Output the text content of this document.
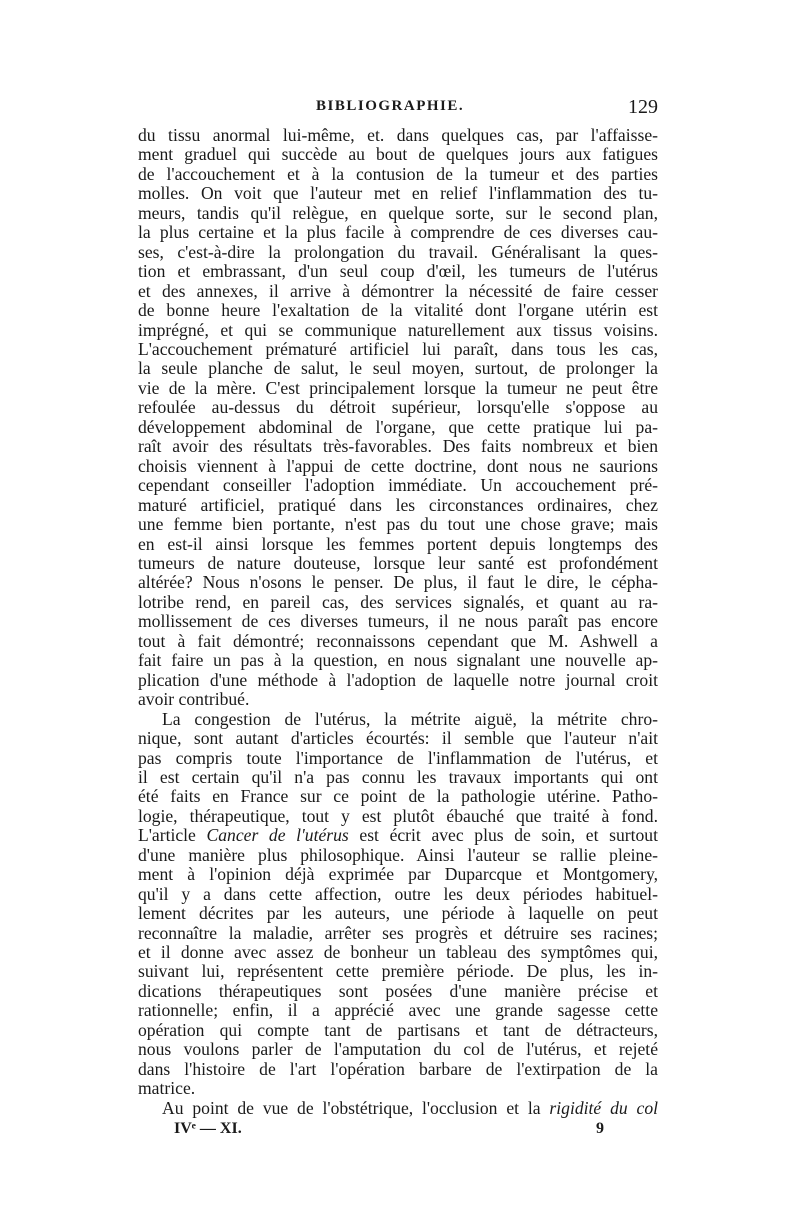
BIBLIOGRAPHIE.	129

du tissu anormal lui-même, et. dans quelques cas, par l'affaisse-

ment graduel qui succède au bout de quelques jours aux fatigues

de l'accouchement et à la contusion de la tumeur et des parties

molles. On voit que l'auteur met en relief l'inflammation des tu-

meurs, tandis qu'il relègue, en quelque sorte, sur le second plan,

la plus certaine et la plus facile à comprendre de ces diverses cau-

ses, c'est-à-dire la prolongation du travail. Généralisant la ques-

tion et embrassant, d'un seul coup d'œil, les tumeurs de l'utérus

et des annexes, il arrive à démontrer la nécessité de faire cesser

de bonne heure l'exaltation de la vitalité dont l'organe utérin est

imprégné, et qui se communique naturellement aux tissus voisins.

L'accouchement prématuré artificiel lui paraît, dans tous les cas,

la seule planche de salut, le seul moyen, surtout, de prolonger la

vie de la mère. C'est principalement lorsque la tumeur ne peut être

refoulée au-dessus du détroit supérieur, lorsqu'elle s'oppose au

développement abdominal de l'organe, que cette pratique lui pa-

raît avoir des résultats très-favorables. Des faits nombreux et bien

choisis viennent à l'appui de cette doctrine, dont nous ne saurions

cependant conseiller l'adoption immédiate. Un accouchement pré-

maturé artificiel, pratiqué dans les circonstances ordinaires, chez

une femme bien portante, n'est pas du tout une chose grave; mais

en est-il ainsi lorsque les femmes portent depuis longtemps des

tumeurs de nature douteuse, lorsque leur santé est profondément

altérée? Nous n'osons le penser. De plus, il faut le dire, le cépha-

lotribe rend, en pareil cas, des services signalés, et quant au ra-

mollissement de ces diverses tumeurs, il ne nous paraît pas encore

tout à fait démontré; reconnaissons cependant que M. Ashwell a

fait faire un pas à la question, en nous signalant une nouvelle ap-

plication d'une méthode à l'adoption de laquelle notre journal croit

avoir contribué.

La congestion de l'utérus, la métrite aiguë, la métrite chro-

nique, sont autant d'articles écourtés: il semble que l'auteur n'ait

pas compris toute l'importance de l'inflammation de l'utérus, et

il est certain qu'il n'a pas connu les travaux importants qui ont

été faits en France sur ce point de la pathologie utérine. Patho-

logie, thérapeutique, tout y est plutôt ébauché que traité à fond.

L'article Cancer de l'utérus est écrit avec plus de soin, et surtout

d'une manière plus philosophique. Ainsi l'auteur se rallie pleine-

ment à l'opinion déjà exprimée par Duparcque et Montgomery,

qu'il y a dans cette affection, outre les deux périodes habituel-

lement décrites par les auteurs, une période à laquelle on peut

reconnaître la maladie, arrêter ses progrès et détruire ses racines;

et il donne avec assez de bonheur un tableau des symptômes qui,

suivant lui, représentent cette première période. De plus, les in-

dications thérapeutiques sont posées d'une manière précise et

rationnelle; enfin, il a apprécié avec une grande sagesse cette

opération qui compte tant de partisans et tant de détracteurs,

nous voulons parler de l'amputation du col de l'utérus, et rejeté

dans l'histoire de l'art l'opération barbare de l'extirpation de la

matrice.

Au point de vue de l'obstétrique, l'occlusion et la rigidité du col

IVᵉ — XI.	9
